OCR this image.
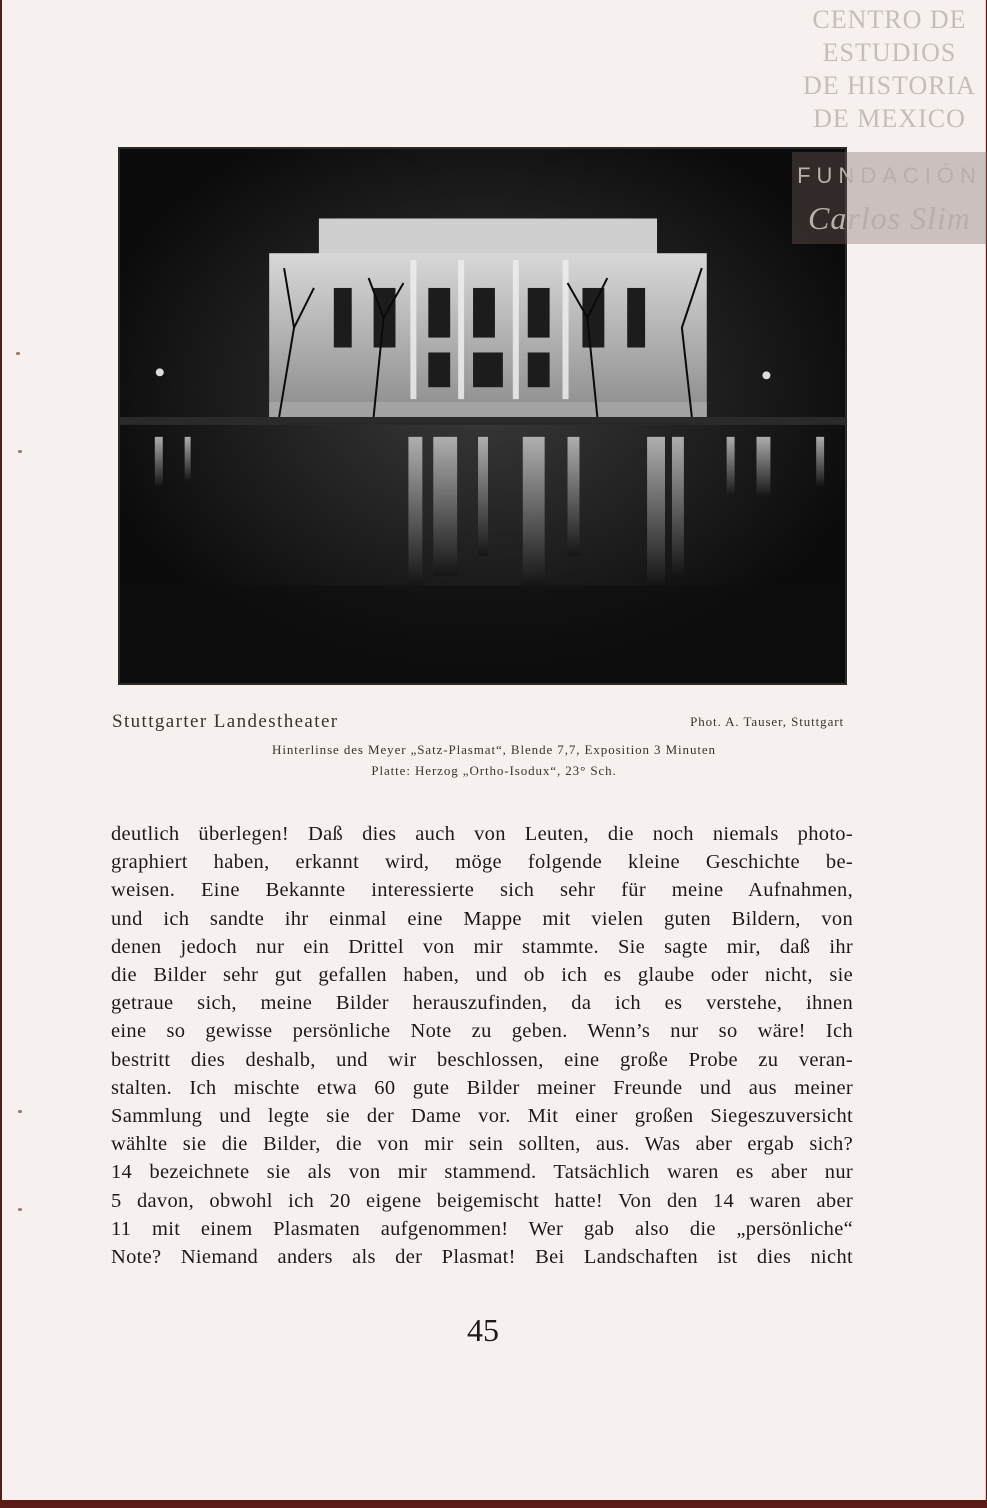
Stuttgarter Landestheater	Phot. A. Tauser, Stuttgart
Hinterlinse des Meyer „Satz-Plasmat“, Blende 7,7, Exposition 3 Minuten
Platte: Herzog „Ortho-Isodux“, 23° Sch.
deutlich überlegen! Daß dies auch von Leuten, die noch niemals photo-
graphiert haben, erkannt wird, möge folgende kleine Geschichte be-
weisen. Eine Bekannte interessierte sich sehr für meine Aufnahmen,
und ich sandte ihr einmal eine Mappe mit vielen guten Bildern, von
denen jedoch nur ein Drittel von mir stammte. Sie sagte mir, daß ihr
die Bilder sehr gut gefallen haben, und ob ich es glaube oder nicht, sie
getraue sich, meine Bilder herauszufinden, da ich es verstehe, ihnen
eine so gewisse persönliche Note zu geben. Wenn’s nur so wäre! Ich
bestritt dies deshalb, und wir beschlossen, eine große Probe zu veran-
stalten. Ich mischte etwa 60 gute Bilder meiner Freunde und aus meiner
Sammlung und legte sie der Dame vor. Mit einer großen Siegeszuversicht
wählte sie die Bilder, die von mir sein sollten, aus. Was aber ergab sich?
14 bezeichnete sie als von mir stammend. Tatsächlich waren es aber nur
5 davon, obwohl ich 20 eigene beigemischt hatte! Von den 14 waren aber
11 mit einem Plasmaten aufgenommen! Wer gab also die „persönliche“
Note? Niemand anders als der Plasmat! Bei Landschaften ist dies nicht
45
CENTRO DE
ESTUDIOS
DE HISTORIA
DE MEXICO
FUNDACIÓN
Carlos Slim
